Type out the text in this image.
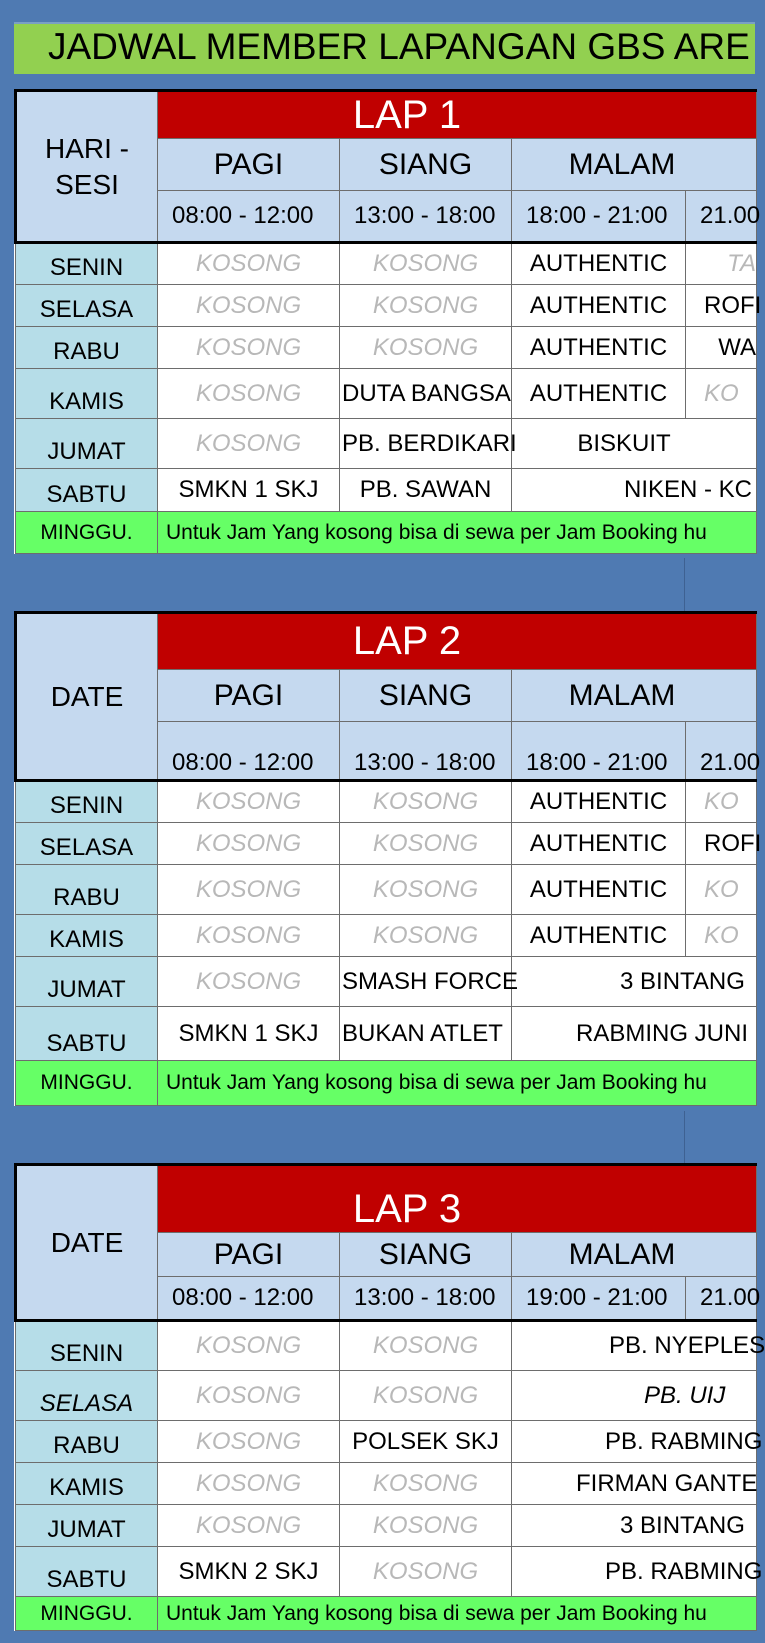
JADWAL MEMBER LAPANGAN GBS ARE
HARI -
SESI	LAP 1			
	PAGI	SIANG	MALAM	
	08:00 - 12:00	13:00 - 18:00	18:00 - 21:00	21.00
SENIN	KOSONG	KOSONG	AUTHENTIC	TA
SELASA	KOSONG	KOSONG	AUTHENTIC	ROFI
RABU	KOSONG	KOSONG	AUTHENTIC	WA
KAMIS	KOSONG	DUTA BANGSA	AUTHENTIC	KO
JUMAT	KOSONG	PB. BERDIKARI	BISKUIT	
SABTU	SMKN 1 SKJ	PB. SAWAN	NIKEN - KC	
MINGGU.	Untuk Jam Yang kosong bisa di sewa per Jam Booking hu			
DATE	LAP 2			
	PAGI	SIANG	MALAM	
	08:00 - 12:00	13:00 - 18:00	18:00 - 21:00	21.00
SENIN	KOSONG	KOSONG	AUTHENTIC	KO
SELASA	KOSONG	KOSONG	AUTHENTIC	ROFI
RABU	KOSONG	KOSONG	AUTHENTIC	KO
KAMIS	KOSONG	KOSONG	AUTHENTIC	KO
JUMAT	KOSONG	SMASH FORCE	3 BINTANG	
SABTU	SMKN 1 SKJ	BUKAN ATLET	RABMING JUNI	
MINGGU.	Untuk Jam Yang kosong bisa di sewa per Jam Booking hu			
DATE	LAP 3			
	PAGI	SIANG	MALAM	
	08:00 - 12:00	13:00 - 18:00	19:00 - 21:00	21.00
SENIN	KOSONG	KOSONG	PB. NYEPLES	
SELASA	KOSONG	KOSONG	PB. UIJ	
RABU	KOSONG	POLSEK SKJ	PB. RABMING	
KAMIS	KOSONG	KOSONG	FIRMAN GANTE	
JUMAT	KOSONG	KOSONG	3 BINTANG	
SABTU	SMKN 2 SKJ	KOSONG	PB. RABMING	
MINGGU.	Untuk Jam Yang kosong bisa di sewa per Jam Booking hu			
